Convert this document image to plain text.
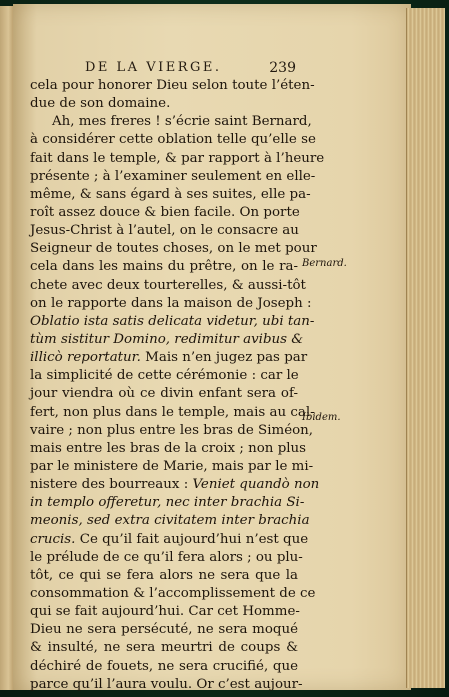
DE LA VIERGE.	239
cela pour honorer Dieu selon toute l’éten-
due de son domaine.
Ah, mes freres ! s’écrie saint Bernard,
à considérer cette oblation telle qu’elle se
fait dans le temple, & par rapport à l’heure
présente ; à l’examiner seulement en elle-
même, & sans égard à ses suites, elle pa-
roît assez douce & bien facile. On porte
Jesus-Christ à l’autel, on le consacre au
Seigneur de toutes choses, on le met pour
cela dans les mains du prêtre, on le ra-
chete avec deux tourterelles, & aussi-tôt
on le rapporte dans la maison de Joseph :
Oblatio ista satis delicata videtur, ubi tan-
tùm sistitur Domino, redimitur avibus &
illicò reportatur. Mais n’en jugez pas par
la simplicité de cette cérémonie : car le
jour viendra où ce divin enfant sera of-
fert, non plus dans le temple, mais au cal-
vaire ; non plus entre les bras de Siméon,
mais entre les bras de la croix ; non plus
par le ministere de Marie, mais par le mi-
nistere des bourreaux : Veniet quandò non
in templo offeretur, nec inter brachia Si-
meonis, sed extra civitatem inter brachia
crucis. Ce qu’il fait aujourd’hui n’est que
le prélude de ce qu’il fera alors ; ou plu-
tôt, ce qui se fera alors ne sera que la
consommation & l’accomplissement de ce
qui se fait aujourd’hui. Car cet Homme-
Dieu ne sera persécuté, ne sera moqué
& insulté, ne sera meurtri de coups &
déchiré de fouets, ne sera crucifié, que
parce qu’il l’aura voulu. Or c’est aujour-
Bernard.
Ibidem.
